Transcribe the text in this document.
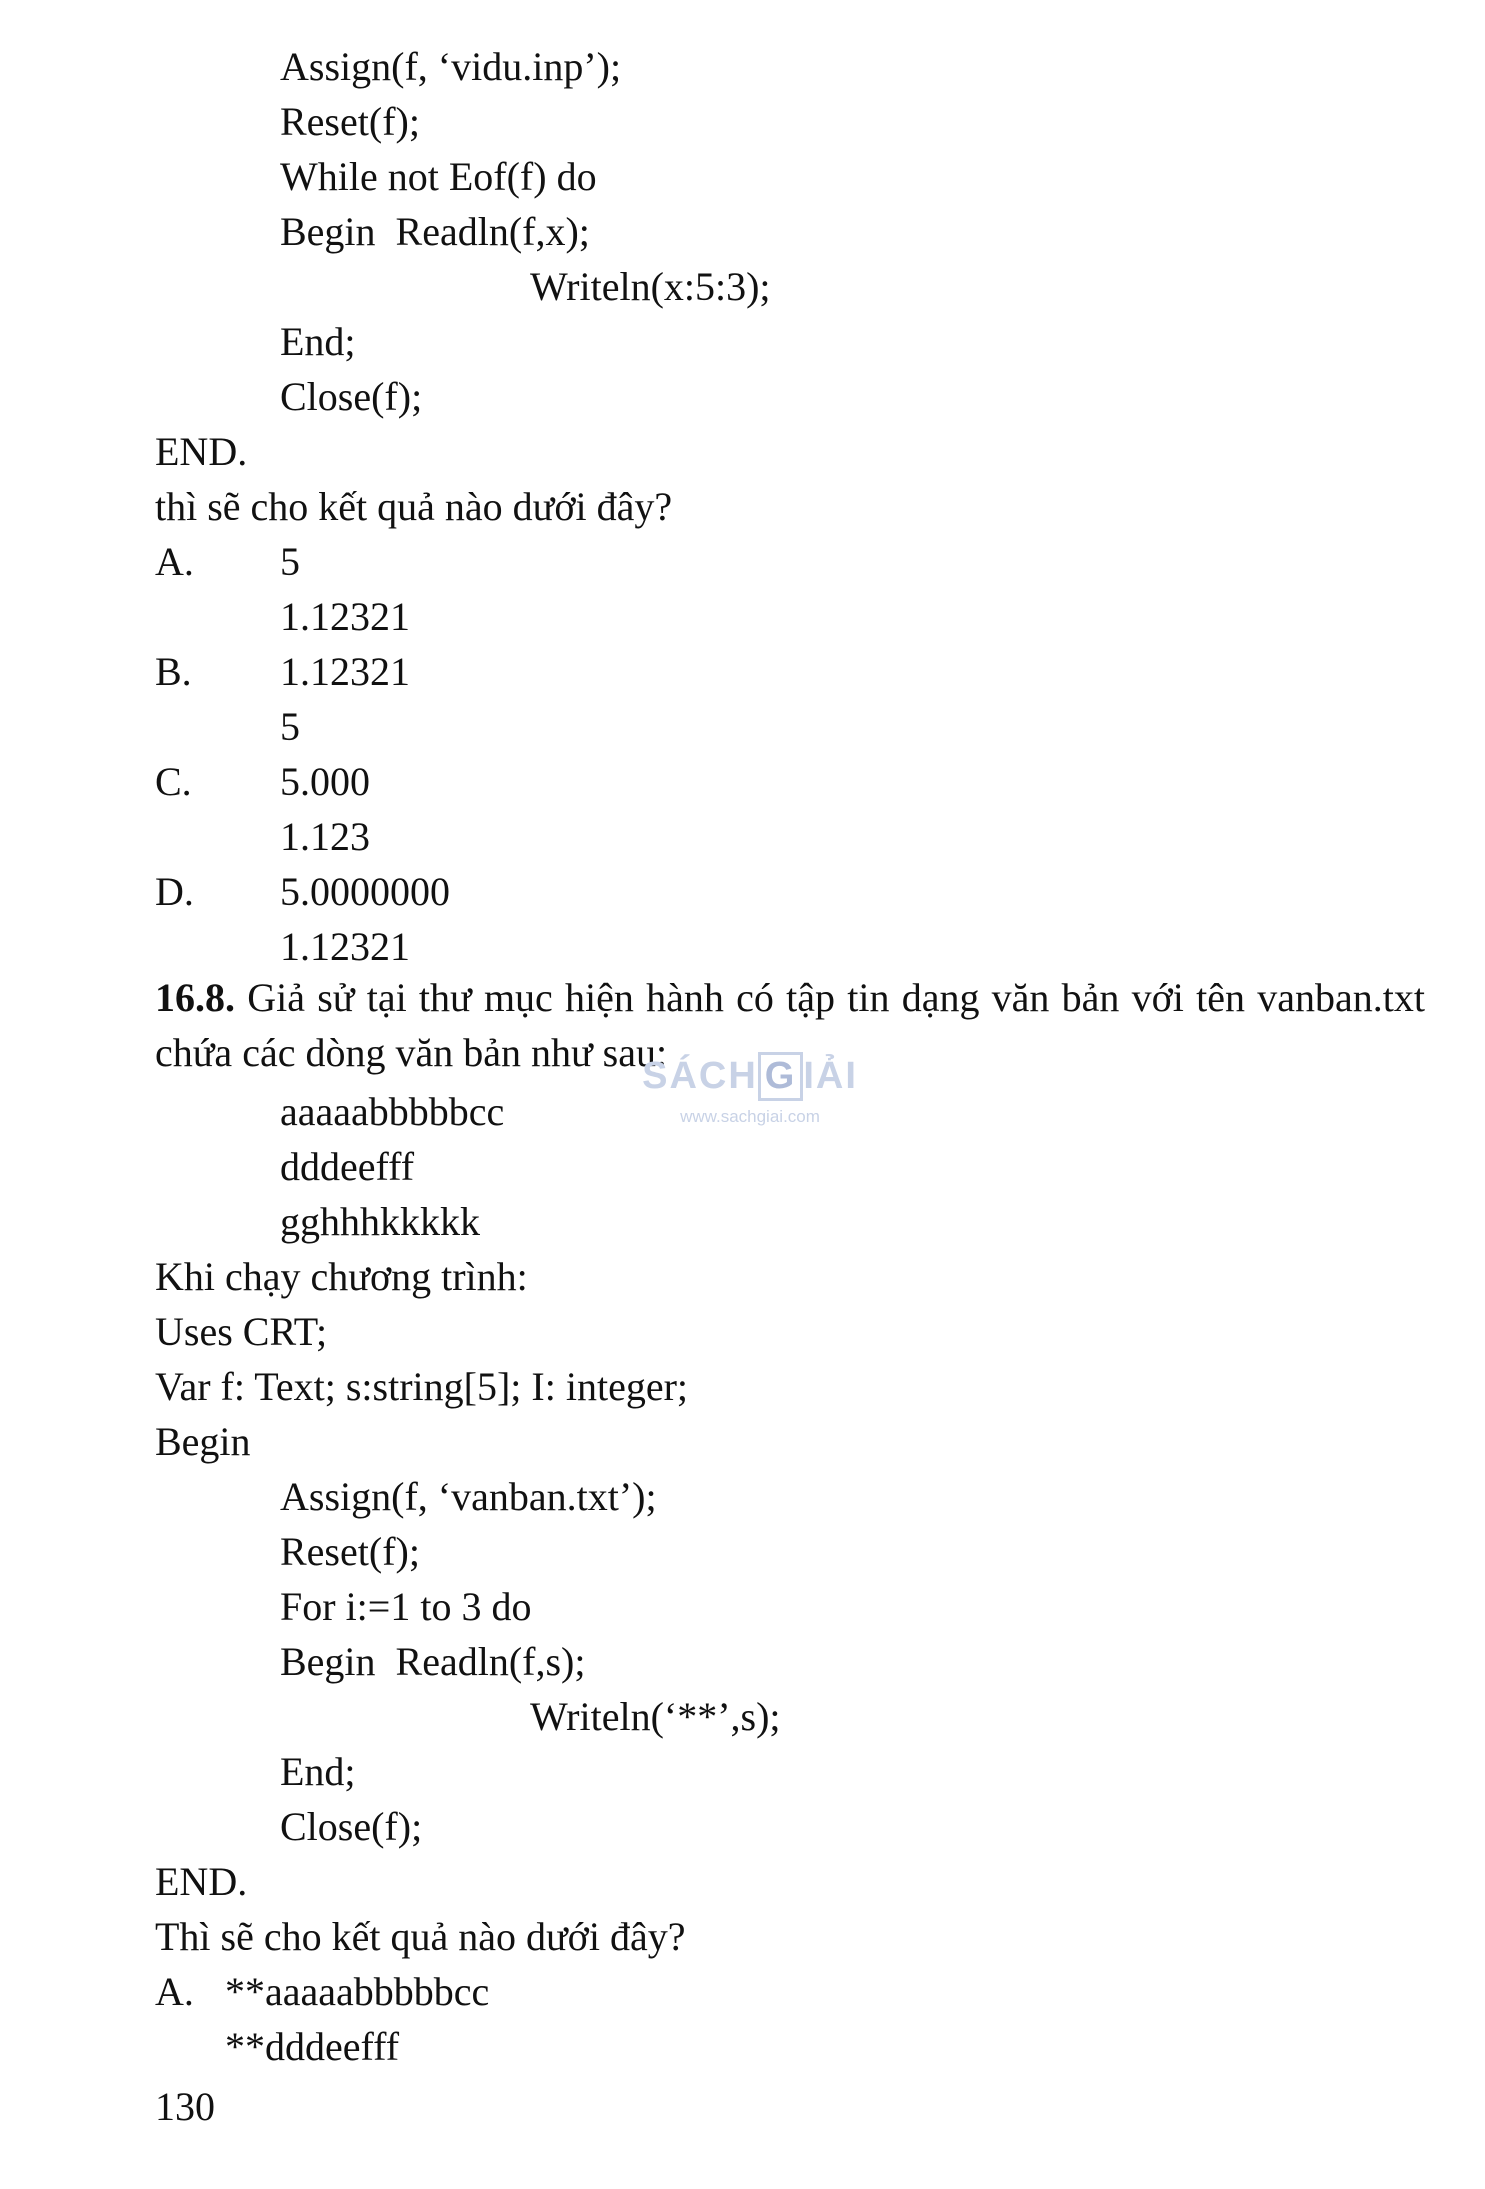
Assign(f, ‘vidu.inp’);
Reset(f);
While not Eof(f) do
Begin  Readln(f,x);
Writeln(x:5:3);
End;
Close(f);
END.
thì sẽ cho kết quả nào dưới đây?
A. 5
1.12321
B. 1.12321
5
C. 5.000
1.123
D. 5.0000000
1.12321
16.8. Giả sử tại thư mục hiện hành có tập tin dạng văn bản với tên vanban.txt chứa các dòng văn bản như sau:
SÁCH G IẢI
www.sachgiai.com
aaaaabbbbbcc
dddeefff
gghhhkkkkk
Khi chạy chương trình:
Uses CRT;
Var f: Text; s:string[5]; I: integer;
Begin
Assign(f, ‘vanban.txt’);
Reset(f);
For i:=1 to 3 do
Begin  Readln(f,s);
Writeln(‘**’,s);
End;
Close(f);
END.
Thì sẽ cho kết quả nào dưới đây?
A. **aaaaabbbbbcc
**dddeefff
130
